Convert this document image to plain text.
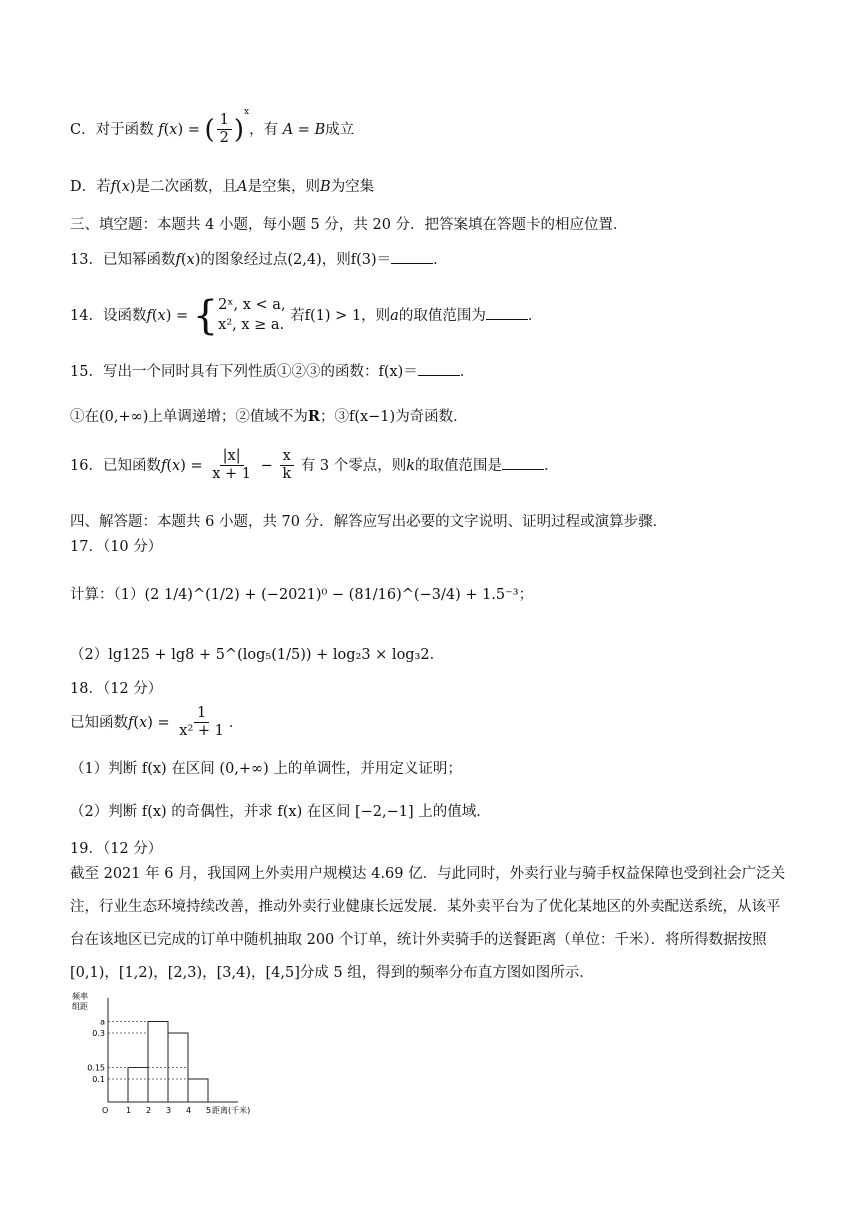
C．对于函数 f(x) = ( $\frac{1}{2} )^x$，有 A = B成立
D．若f(x)是二次函数，且A是空集，则B为空集
三、填空题：本题共 4 小题，每小题 5 分，共 20 分．把答案填在答题卡的相应位置．
13．已知幂函数f(x)的图象经过点(2,4)，则f(3)＝	．
14．设函数f(x) = { 2ˣ, x < a,
x², x ≥ a.
若f(1) > 1，则a的取值范围为	．
15．写出一个同时具有下列性质①②③的函数：f(x)＝	．
①在(0,+∞)上单调递增；②值域不为R；③f(x−1)为奇函数．
16．已知函数$f(x) = \frac{|x|}{x + 1} - \frac{x}{k}$ 有 3 个零点，则k的取值范围是	．
四、解答题：本题共 6 小题，共 70 分．解答应写出必要的文字说明、证明过程或演算步骤．
17．（10 分）
计算：（1）(2 1/4)^(1/2) + (−2021)⁰ − (81/16)^(−3/4) + 1.5⁻³；
（2）lg125 + lg8 + 5^(log₅(1/5)) + log₂3 × log₃2．
18．（12 分）
已知函数$f(x) = \frac{1}{\text{x² + 1}}$ ．
（1）判断 f(x) 在区间 (0,+∞) 上的单调性，并用定义证明；
（2）判断 f(x) 的奇偶性，并求 f(x) 在区间 [−2,−1] 上的值域．
19．（12 分）
截至 2021 年 6 月，我国网上外卖用户规模达 4.69 亿．与此同时，外卖行业与骑手权益保障也受到社会广泛关注，行业生态环境持续改善，推动外卖行业健康长远发展．某外卖平台为了优化某地区的外卖配送系统，从该平台在该地区已完成的订单中随机抽取 200 个订单，统计外卖骑手的送餐距离（单位：千米）．将所得数据按照[0,1)，[1,2)，[2,3)，[3,4)，[4,5]分成 5 组，得到的频率分布直方图如图所示．
频率
组距
0.1
0.15
0.3
a
O 1 2 3 4 5 距离(千米)
